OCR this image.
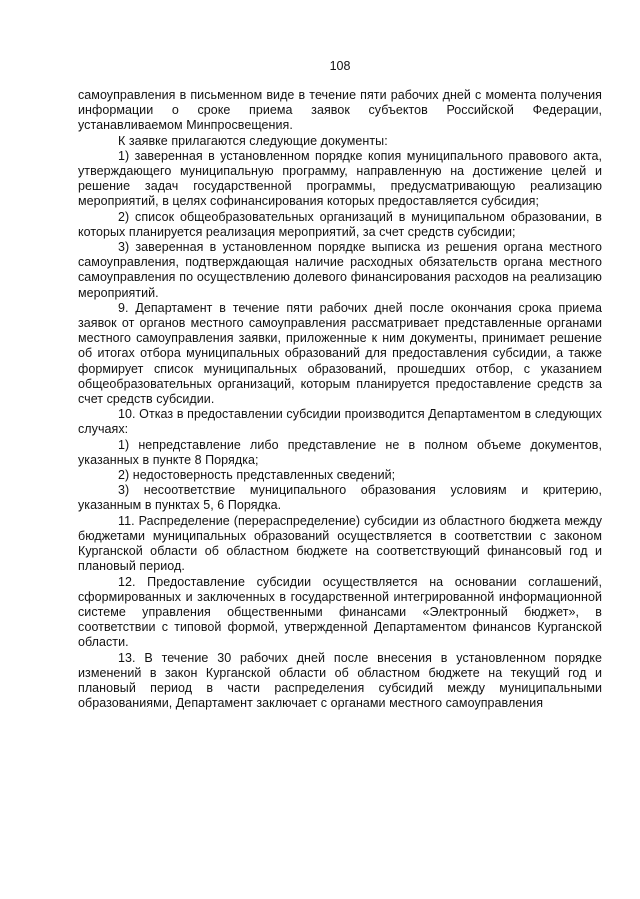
108

самоуправления в письменном виде в течение пяти рабочих дней с момента получения информации о сроке приема заявок субъектов Российской Федерации, устанавливаемом Минпросвещения.

К заявке прилагаются следующие документы:

1) заверенная в установленном порядке копия муниципального правового акта, утверждающего муниципальную программу, направленную на достижение целей и решение задач государственной программы, предусматривающую реализацию мероприятий, в целях софинансирования которых предоставляется субсидия;

2) список общеобразовательных организаций в муниципальном образовании, в которых планируется реализация мероприятий, за счет средств субсидии;

3) заверенная в установленном порядке выписка из решения органа местного самоуправления, подтверждающая наличие расходных обязательств органа местного самоуправления по осуществлению долевого финансирования расходов на реализацию мероприятий.

9. Департамент в течение пяти рабочих дней после окончания срока приема заявок от органов местного самоуправления рассматривает представленные органами местного самоуправления заявки, приложенные к ним документы, принимает решение об итогах отбора муниципальных образований для предоставления субсидии, а также формирует список муниципальных образований, прошедших отбор, с указанием общеобразовательных организаций, которым планируется предоставление средств за счет средств субсидии.

10. Отказ в предоставлении субсидии производится Департаментом в следующих случаях:

1) непредставление либо представление не в полном объеме документов, указанных в пункте 8 Порядка;

2) недостоверность представленных сведений;

3) несоответствие муниципального образования условиям и критерию, указанным в пунктах 5, 6 Порядка.

11. Распределение (перераспределение) субсидии из областного бюджета между бюджетами муниципальных образований осуществляется в соответствии с законом Курганской области об областном бюджете на соответствующий финансовый год и плановый период.

12. Предоставление субсидии осуществляется на основании соглашений, сформированных и заключенных в государственной интегрированной информационной системе управления общественными финансами «Электронный бюджет», в соответствии с типовой формой, утвержденной Департаментом финансов Курганской области.

13. В течение 30 рабочих дней после внесения в установленном порядке изменений в закон Курганской области об областном бюджете на текущий год и плановый период в части распределения субсидий между муниципальными образованиями, Департамент заключает с органами местного самоуправления
